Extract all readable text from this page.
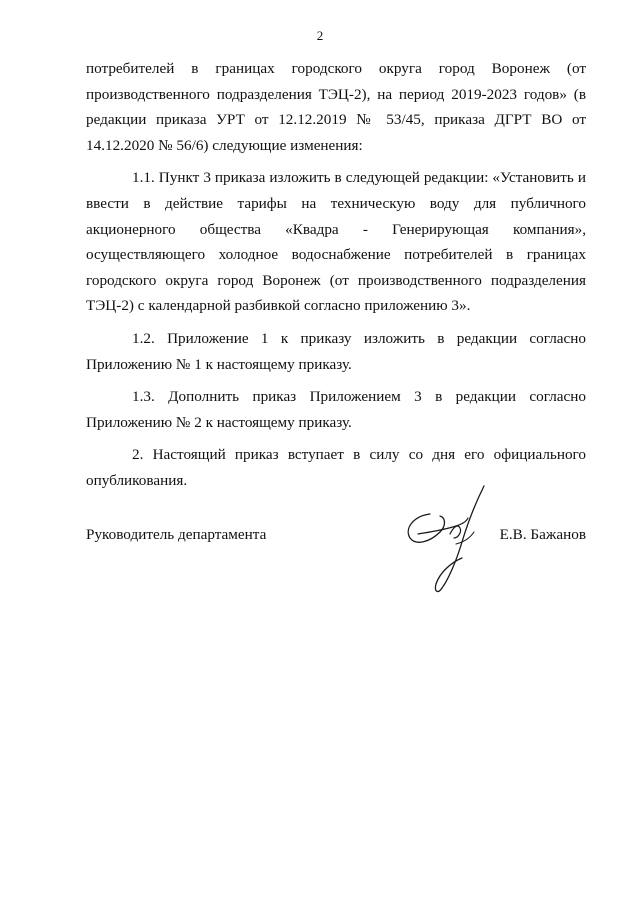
2

потребителей в границах городского округа город Воронеж (от производственного подразделения ТЭЦ-2), на период 2019-2023 годов» (в редакции приказа УРТ от 12.12.2019 № 53/45, приказа ДГРТ ВО от 14.12.2020 № 56/6) следующие изменения:

1.1. Пункт 3 приказа изложить в следующей редакции: «Установить и ввести в действие тарифы на техническую воду для публичного акционерного общества «Квадра - Генерирующая компания», осуществляющего холодное водоснабжение потребителей в границах городского округа город Воронеж (от производственного подразделения ТЭЦ-2) с календарной разбивкой согласно приложению 3».

1.2. Приложение 1 к приказу изложить в редакции согласно Приложению № 1 к настоящему приказу.

1.3. Дополнить приказ Приложением 3 в редакции согласно Приложению № 2 к настоящему приказу.

2. Настоящий приказ вступает в силу со дня его официального опубликования.

Руководитель департамента	Е.В. Бажанов
